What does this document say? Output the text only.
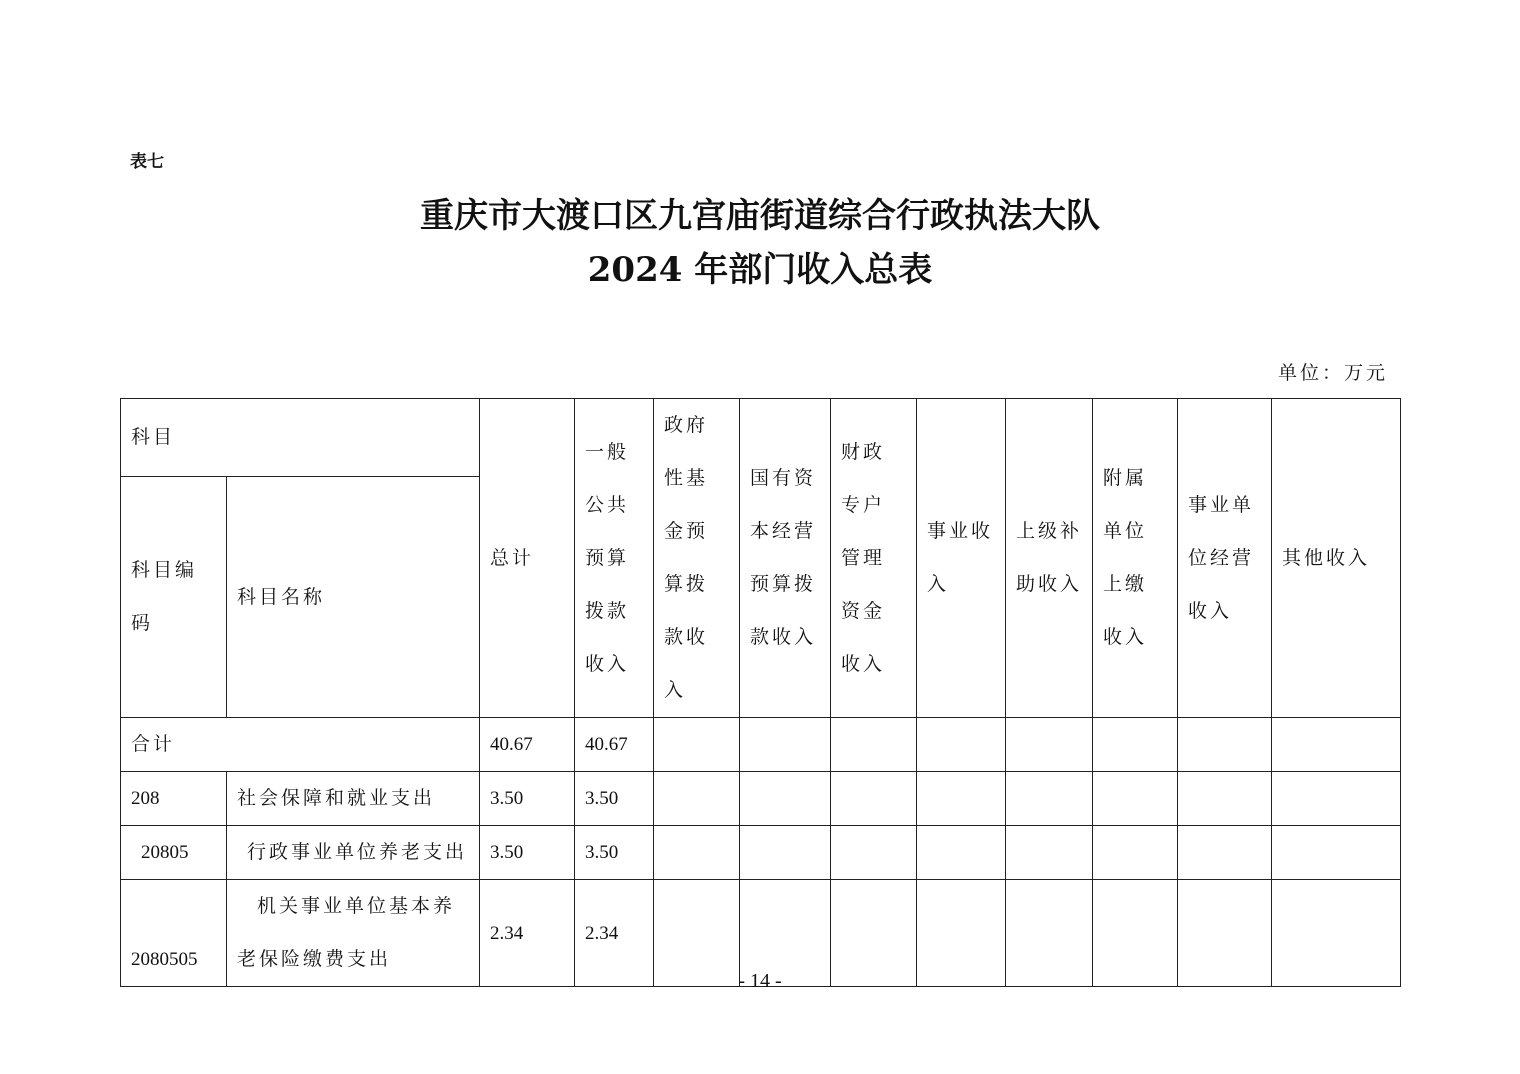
表七
重庆市大渡口区九宫庙街道综合行政执法大队
2024 年部门收入总表
单位：万元
科目		总计	一般公共预算拨款收入	政府性基金预算拨款收入	国有资本经营预算拨款收入	财政专户管理资金收入	事业收入	上级补助收入	附属单位上缴收入	事业单位经营收入	其他收入
科目编码	科目名称										
合计		40.67	40.67								
208	社会保障和就业支出	3.50	3.50								
20805	行政事业单位养老支出	3.50	3.50								
2080505	机关事业单位基本养老保险缴费支出	2.34	2.34								
- 14 -
